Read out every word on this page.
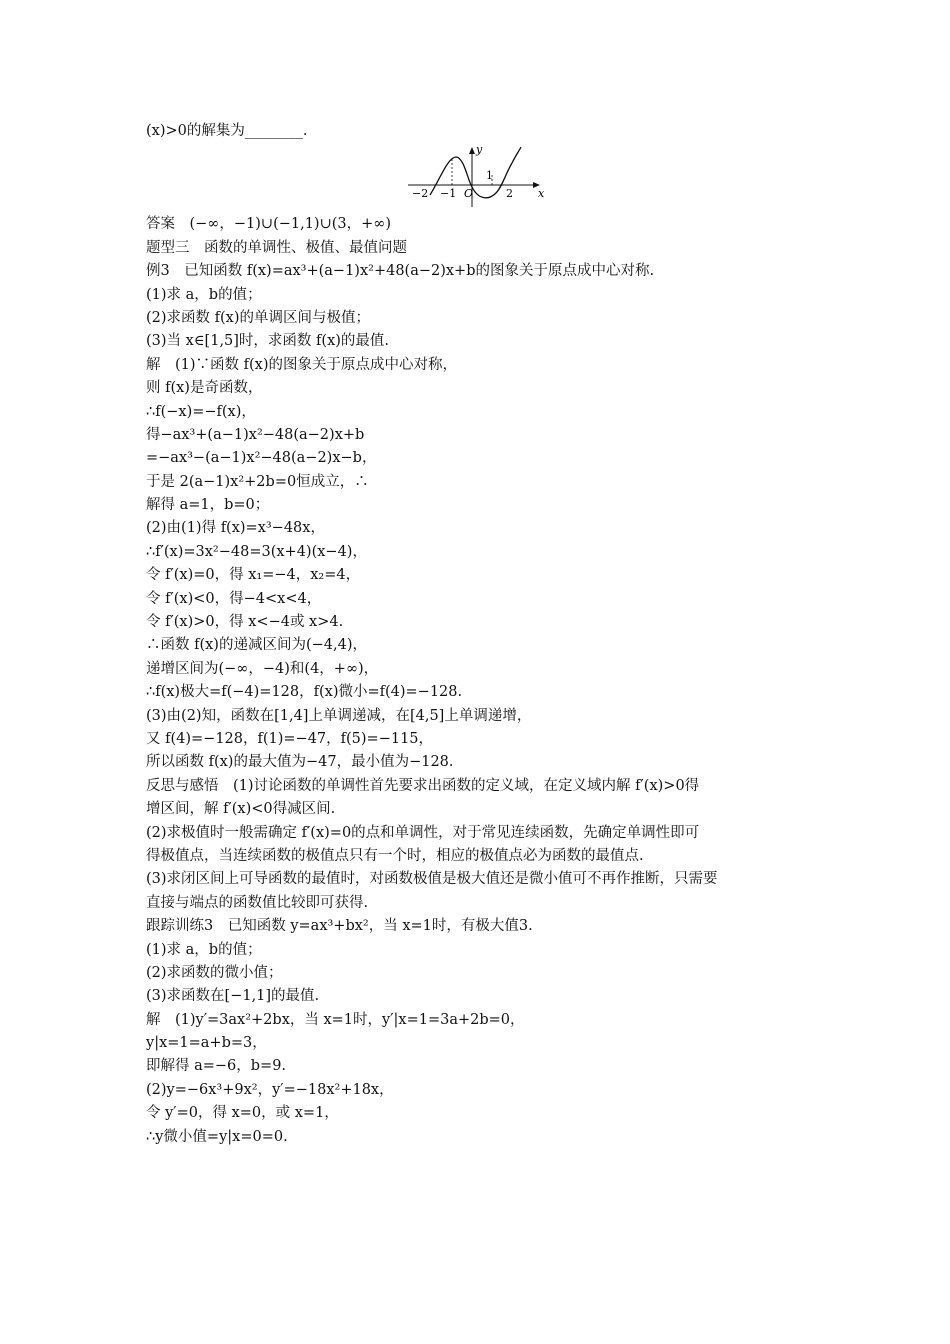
(x)>0的解集为________.
−2 −1 O
1
2
y
x
答案　(−∞，−1)∪(−1,1)∪(3，+∞)
题型三　函数的单调性、极值、最值问题
例3　已知函数 f(x)=ax³+(a−1)x²+48(a−2)x+b的图象关于原点成中心对称.
(1)求 a，b的值；
(2)求函数 f(x)的单调区间与极值；
(3)当 x∈[1,5]时，求函数 f(x)的最值.
解　(1)∵函数 f(x)的图象关于原点成中心对称，
则 f(x)是奇函数，
∴f(−x)=−f(x)，
得−ax³+(a−1)x²−48(a−2)x+b
=−ax³−(a−1)x²−48(a−2)x−b，
于是 2(a−1)x²+2b=0恒成立，∴
解得 a=1，b=0；
(2)由(1)得 f(x)=x³−48x，
∴f′(x)=3x²−48=3(x+4)(x−4)，
令 f′(x)=0，得 x₁=−4，x₂=4，
令 f′(x)<0，得−4<x<4，
令 f′(x)>0，得 x<−4或 x>4.
∴函数 f(x)的递减区间为(−4,4)，
递增区间为(−∞，−4)和(4，+∞)，
∴f(x)极大=f(−4)=128，f(x)微小=f(4)=−128.
(3)由(2)知，函数在[1,4]上单调递减，在[4,5]上单调递增，
又 f(4)=−128，f(1)=−47，f(5)=−115，
所以函数 f(x)的最大值为−47，最小值为−128.
反思与感悟　(1)讨论函数的单调性首先要求出函数的定义域，在定义域内解 f′(x)>0得
增区间，解 f′(x)<0得减区间.
(2)求极值时一般需确定 f′(x)=0的点和单调性，对于常见连续函数，先确定单调性即可
得极值点，当连续函数的极值点只有一个时，相应的极值点必为函数的最值点.
(3)求闭区间上可导函数的最值时，对函数极值是极大值还是微小值可不再作推断，只需要
直接与端点的函数值比较即可获得.
跟踪训练3　已知函数 y=ax³+bx²，当 x=1时，有极大值3.
(1)求 a，b的值；
(2)求函数的微小值；
(3)求函数在[−1,1]的最值.
解　(1)y′=3ax²+2bx，当 x=1时，y′|x=1=3a+2b=0，
y|x=1=a+b=3，
即解得 a=−6，b=9.
(2)y=−6x³+9x²，y′=−18x²+18x，
令 y′=0，得 x=0，或 x=1，
∴y微小值=y|x=0=0.
